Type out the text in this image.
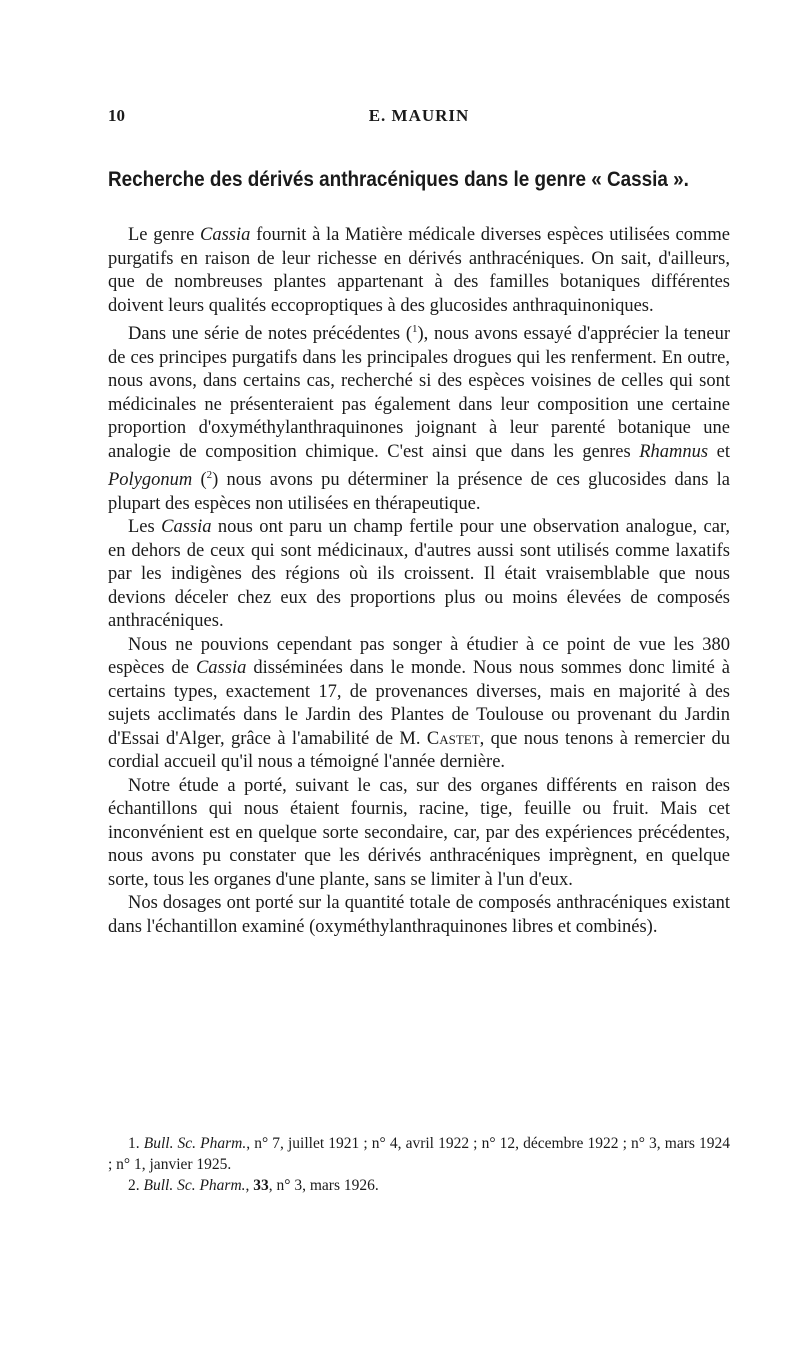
10	E. MAURIN
Recherche des dérivés anthracéniques dans le genre « Cassia ».

Le genre Cassia fournit à la Matière médicale diverses espèces utilisées comme purgatifs en raison de leur richesse en dérivés anthracéniques. On sait, d'ailleurs, que de nombreuses plantes appartenant à des familles botaniques différentes doivent leurs qualités eccoproptiques à des glucosides anthraquinoniques.

Dans une série de notes précédentes ($^1$), nous avons essayé d'apprécier la teneur de ces principes purgatifs dans les principales drogues qui les renferment. En outre, nous avons, dans certains cas, recherché si des espèces voisines de celles qui sont médicinales ne présenteraient pas également dans leur composition une certaine proportion d'oxyméthylanthraquinones joignant à leur parenté botanique une analogie de composition chimique. C'est ainsi que dans les genres Rhamnus et Polygonum ($^2$) nous avons pu déterminer la présence de ces glucosides dans la plupart des espèces non utilisées en thérapeutique.

Les Cassia nous ont paru un champ fertile pour une observation analogue, car, en dehors de ceux qui sont médicinaux, d'autres aussi sont utilisés comme laxatifs par les indigènes des régions où ils croissent. Il était vraisemblable que nous devions déceler chez eux des proportions plus ou moins élevées de composés anthracéniques.

Nous ne pouvions cependant pas songer à étudier à ce point de vue les 380 espèces de Cassia disséminées dans le monde. Nous nous sommes donc limité à certains types, exactement 17, de provenances diverses, mais en majorité à des sujets acclimatés dans le Jardin des Plantes de Toulouse ou provenant du Jardin d'Essai d'Alger, grâce à l'amabilité de M. Castet, que nous tenons à remercier du cordial accueil qu'il nous a témoigné l'année dernière.

Notre étude a porté, suivant le cas, sur des organes différents en raison des échantillons qui nous étaient fournis, racine, tige, feuille ou fruit. Mais cet inconvénient est en quelque sorte secondaire, car, par des expériences précédentes, nous avons pu constater que les dérivés anthracéniques imprègnent, en quelque sorte, tous les organes d'une plante, sans se limiter à l'un d'eux.

Nos dosages ont porté sur la quantité totale de composés anthracéniques existant dans l'échantillon examiné (oxyméthylanthraquinones libres et combinés).

1. Bull. Sc. Pharm., n° 7, juillet 1921 ; n° 4, avril 1922 ; n° 12, décembre 1922 ; n° 3, mars 1924 ; n° 1, janvier 1925.

2. Bull. Sc. Pharm., 33, n° 3, mars 1926.
